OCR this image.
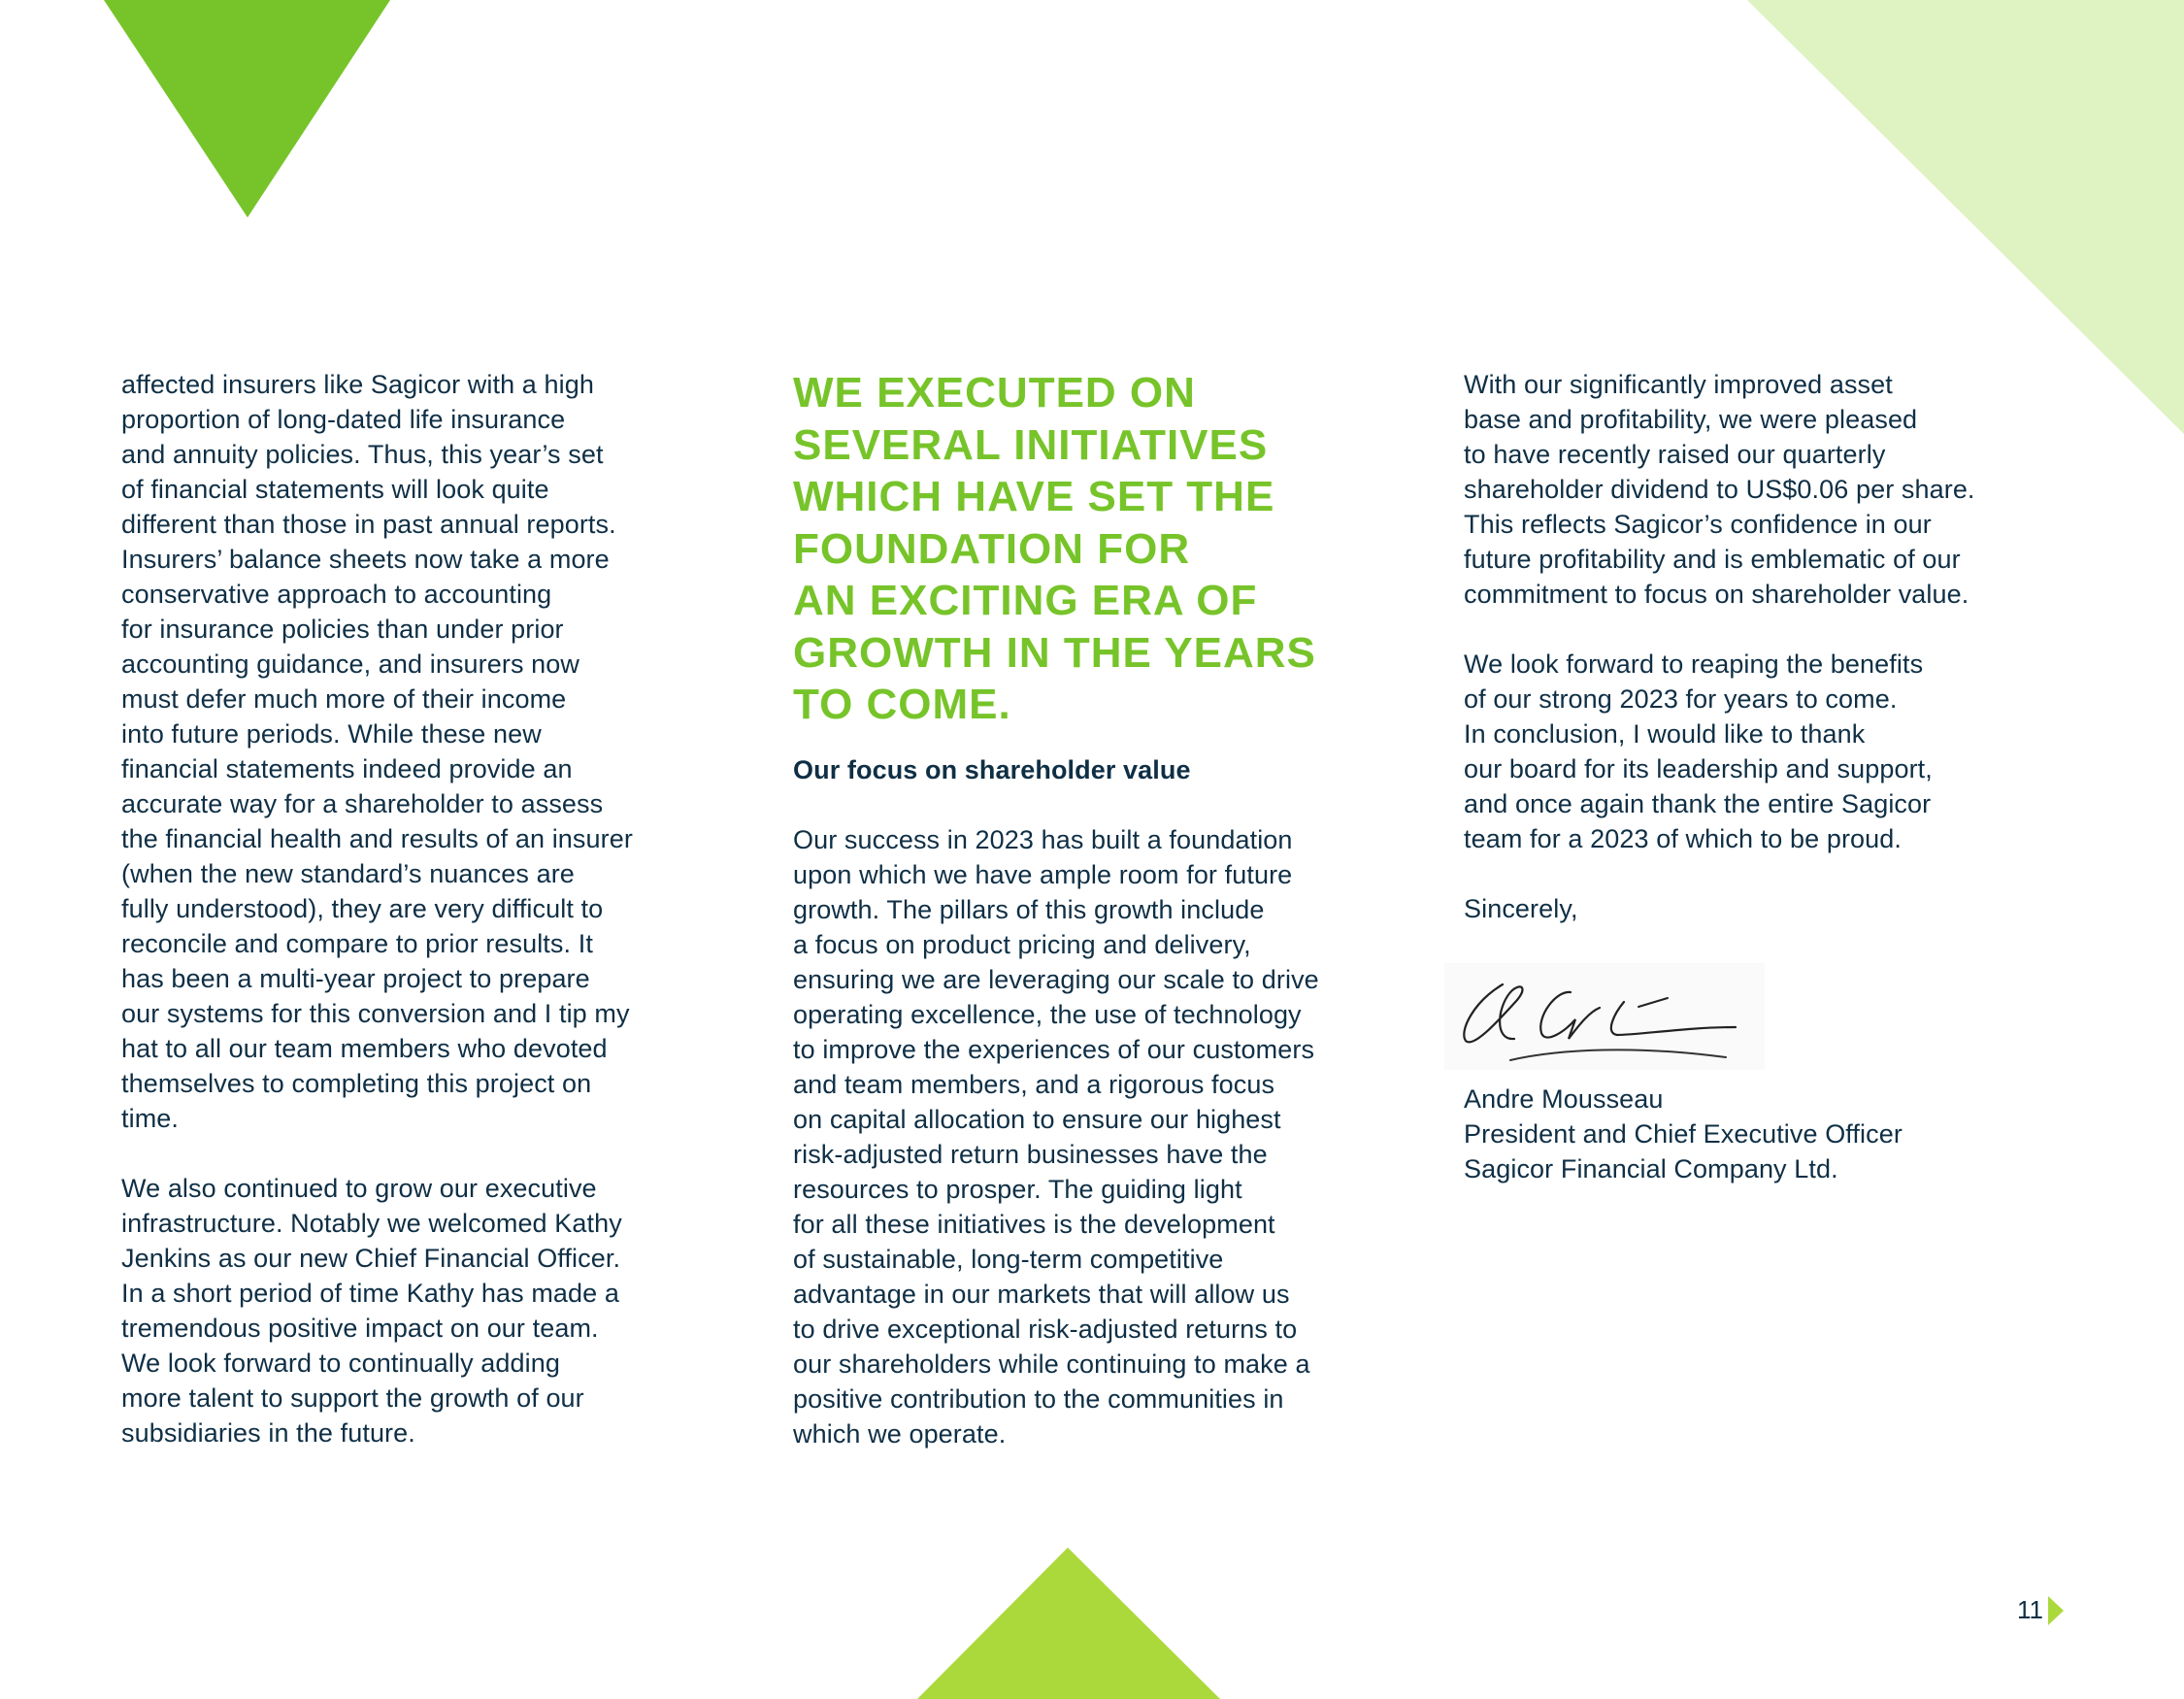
affected insurers like Sagicor with a high
proportion of long-dated life insurance
and annuity policies. Thus, this year’s set
of financial statements will look quite
different than those in past annual reports.
Insurers’ balance sheets now take a more
conservative approach to accounting
for insurance policies than under prior
accounting guidance, and insurers now
must defer much more of their income
into future periods. While these new
financial statements indeed provide an
accurate way for a shareholder to assess
the financial health and results of an insurer
(when the new standard’s nuances are
fully understood), they are very difficult to
reconcile and compare to prior results. It
has been a multi-year project to prepare
our systems for this conversion and I tip my
hat to all our team members who devoted
themselves to completing this project on
time.
We also continued to grow our executive
infrastructure. Notably we welcomed Kathy
Jenkins as our new Chief Financial Officer.
In a short period of time Kathy has made a
tremendous positive impact on our team.
We look forward to continually adding
more talent to support the growth of our
subsidiaries in the future.
WE EXECUTED ON
SEVERAL INITIATIVES
WHICH HAVE SET THE
FOUNDATION FOR
AN EXCITING ERA OF
GROWTH IN THE YEARS
TO COME.
Our focus on shareholder value
Our success in 2023 has built a foundation
upon which we have ample room for future
growth. The pillars of this growth include
a focus on product pricing and delivery,
ensuring we are leveraging our scale to drive
operating excellence, the use of technology
to improve the experiences of our customers
and team members, and a rigorous focus
on capital allocation to ensure our highest
risk-adjusted return businesses have the
resources to prosper. The guiding light
for all these initiatives is the development
of sustainable, long-term competitive
advantage in our markets that will allow us
to drive exceptional risk-adjusted returns to
our shareholders while continuing to make a
positive contribution to the communities in
which we operate.
With our significantly improved asset
base and profitability, we were pleased
to have recently raised our quarterly
shareholder dividend to US$0.06 per share.
This reflects Sagicor’s confidence in our
future profitability and is emblematic of our
commitment to focus on shareholder value.
We look forward to reaping the benefits
of our strong 2023 for years to come.
In conclusion, I would like to thank
our board for its leadership and support,
and once again thank the entire Sagicor
team for a 2023 of which to be proud.
Sincerely,
Andre Mousseau
President and Chief Executive Officer
Sagicor Financial Company Ltd.
11
